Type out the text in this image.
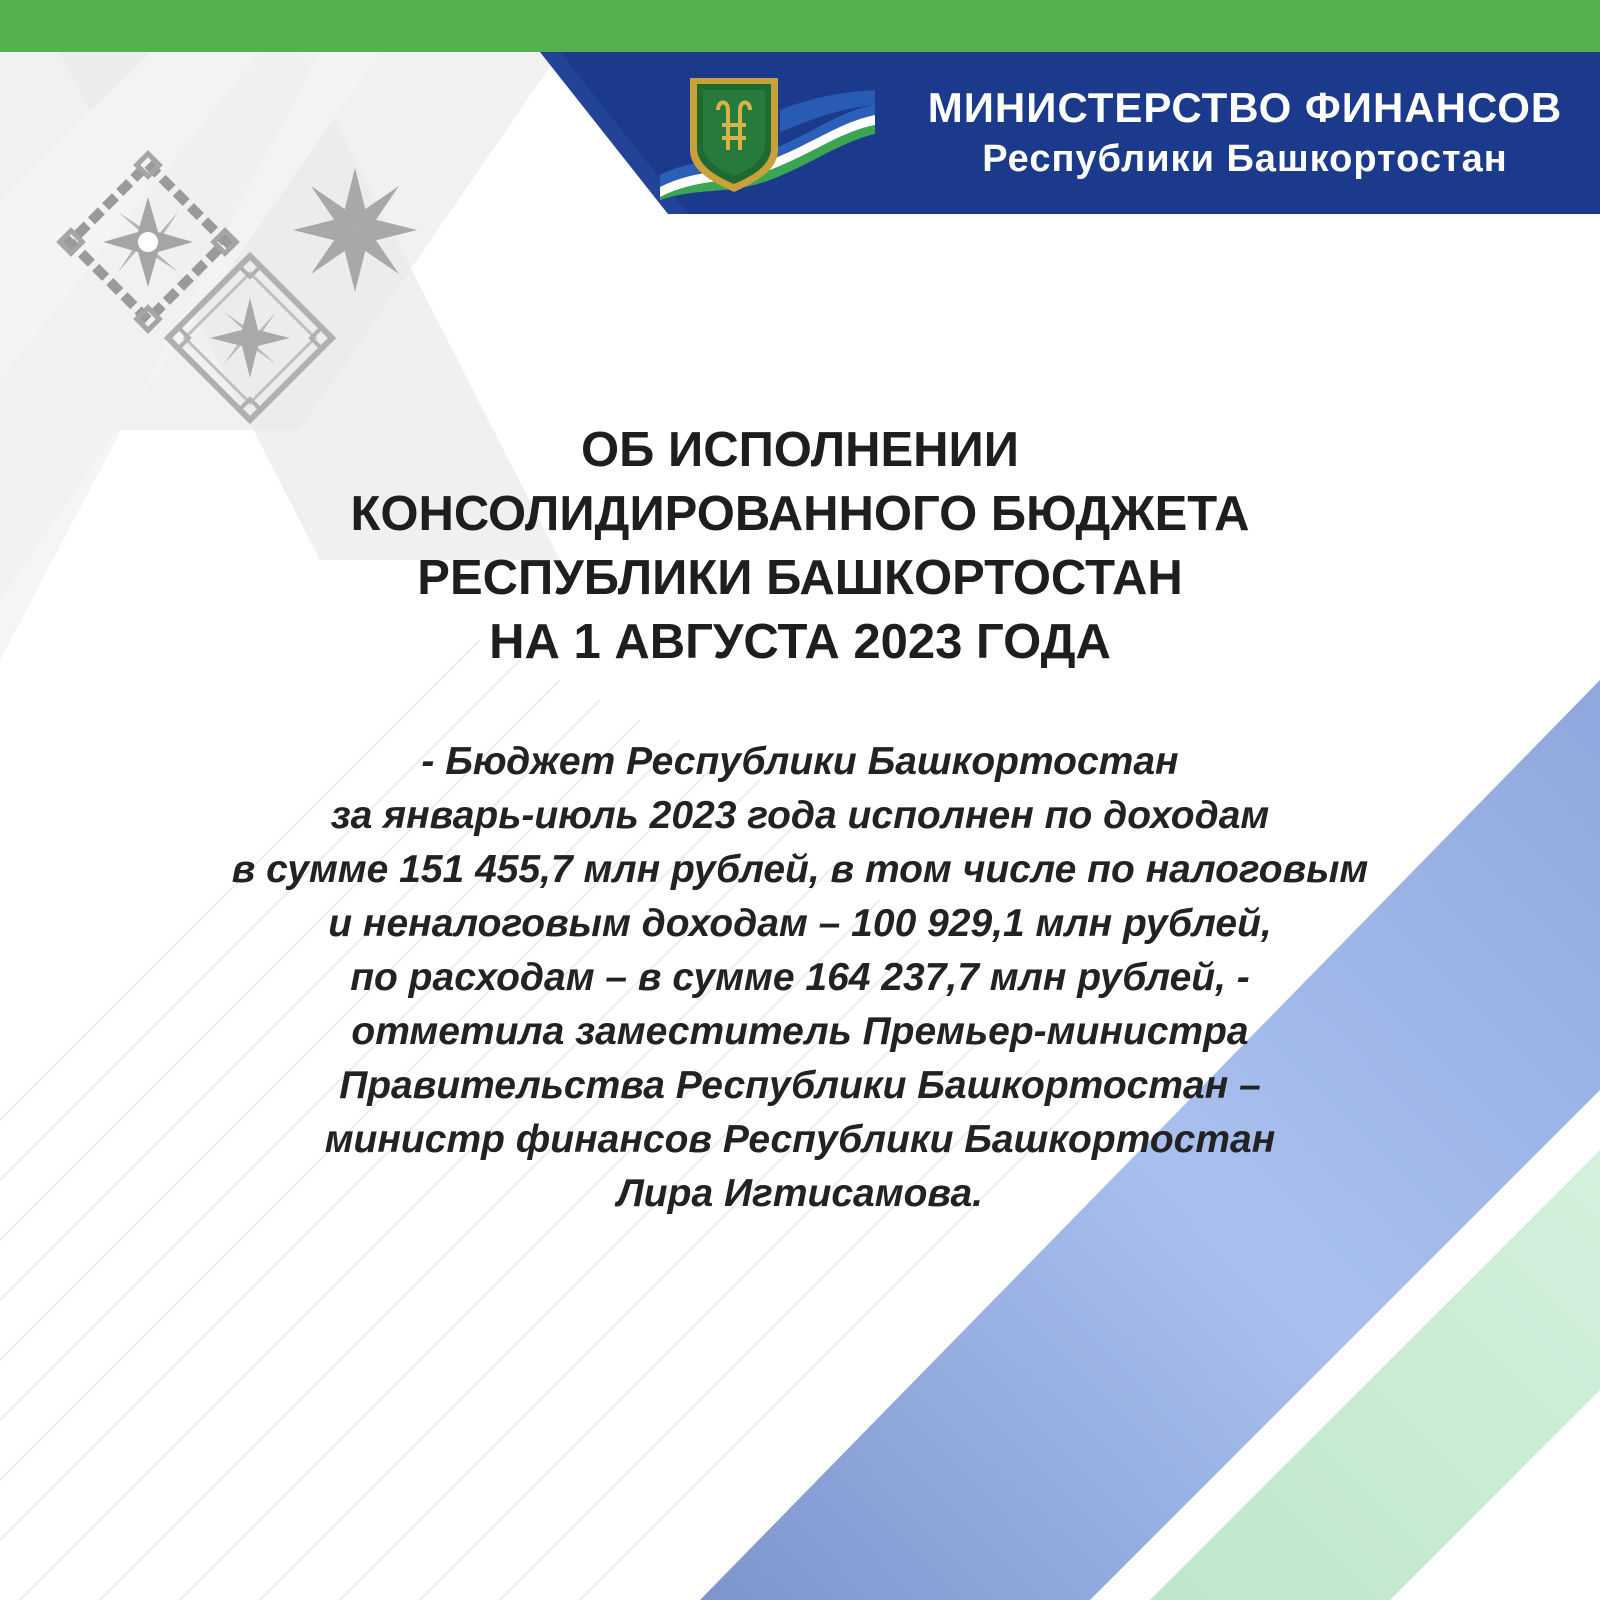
МИНИСТЕРСТВО ФИНАНСОВ
Республики Башкортостан
ОБ ИСПОЛНЕНИИ
КОНСОЛИДИРОВАННОГО БЮДЖЕТА
РЕСПУБЛИКИ БАШКОРТОСТАН
НА 1 АВГУСТА 2023 ГОДА
- Бюджет Республики Башкортостан
за январь-июль 2023 года исполнен по доходам
в сумме 151 455,7 млн рублей, в том числе по налоговым
и неналоговым доходам – 100 929,1 млн рублей,
по расходам – в сумме 164 237,7 млн рублей, -
отметила заместитель Премьер-министра
Правительства Республики Башкортостан –
министр финансов Республики Башкортостан
Лира Игтисамова.
